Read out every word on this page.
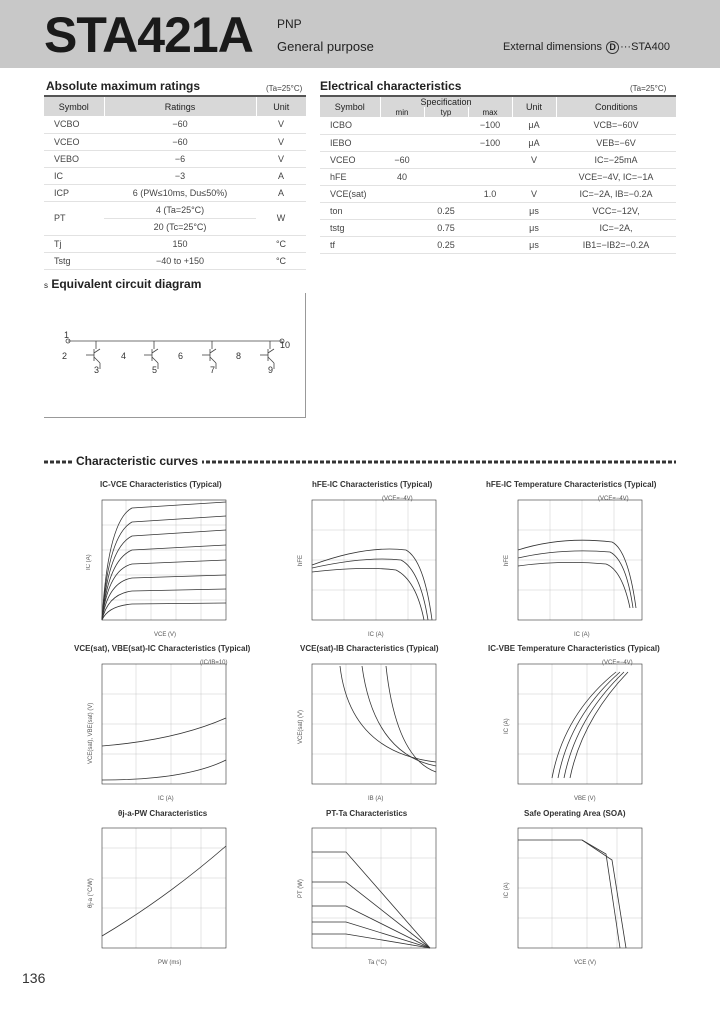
STA421A PNP
General purpose	External dimensions D ···STA400
Absolute maximum ratings	(Ta=25°C)
Symbol	Ratings	Unit
VCBO	−60	V
VCEO	−60	V
VEBO	−6	V
IC	−3	A
ICP	6 (PW≤10ms, Du≤50%)	A
PT	4 (Ta=25°C)	W
	20 (Tc=25°C)	
Tj	150	°C
Tstg	−40 to +150	°C
Electrical characteristics	(Ta=25°C)
Symbol	Specification			Unit	Conditions
	min	typ	max		
ICBO			−100	μA	VCB=−60V
IEBO			−100	μA	VEB=−6V
VCEO	−60			V	IC=−25mA
hFE	40				VCE=−4V, IC=−1A
VCE(sat)			1.0	V	IC=−2A, IB=−0.2A
ton		0.25		μs	VCC=−12V,
tstg		0.75		μs	IC=−2A,
tf		0.25		μs	IB1=−IB2=−0.2A
s Equivalent circuit diagram
1
2
3
4
5
6
7
8
9
10
Characteristic curves
IC-VCE Characteristics (Typical)
VCE (V)
IC (A)
hFE-IC Characteristics (Typical)
(VCE=−4V)
IC (A)
hFE
hFE-IC Temperature Characteristics (Typical)
(VCE=−4V)
IC (A)
hFE
VCE(sat), VBE(sat)-IC Characteristics (Typical)
(IC/IB=10)
IC (A)
VCE(sat), VBE(sat) (V)
VCE(sat)-IB Characteristics (Typical)
IB (A)
VCE(sat) (V)
IC-VBE Temperature Characteristics (Typical)
(VCE=−4V)
VBE (V)
IC (A)
θj-a-PW Characteristics
PW (ms)
θj-a (°C/W)
PT-Ta Characteristics
Ta (°C)
PT (W)
Safe Operating Area (SOA)
VCE (V)
IC (A)
136
